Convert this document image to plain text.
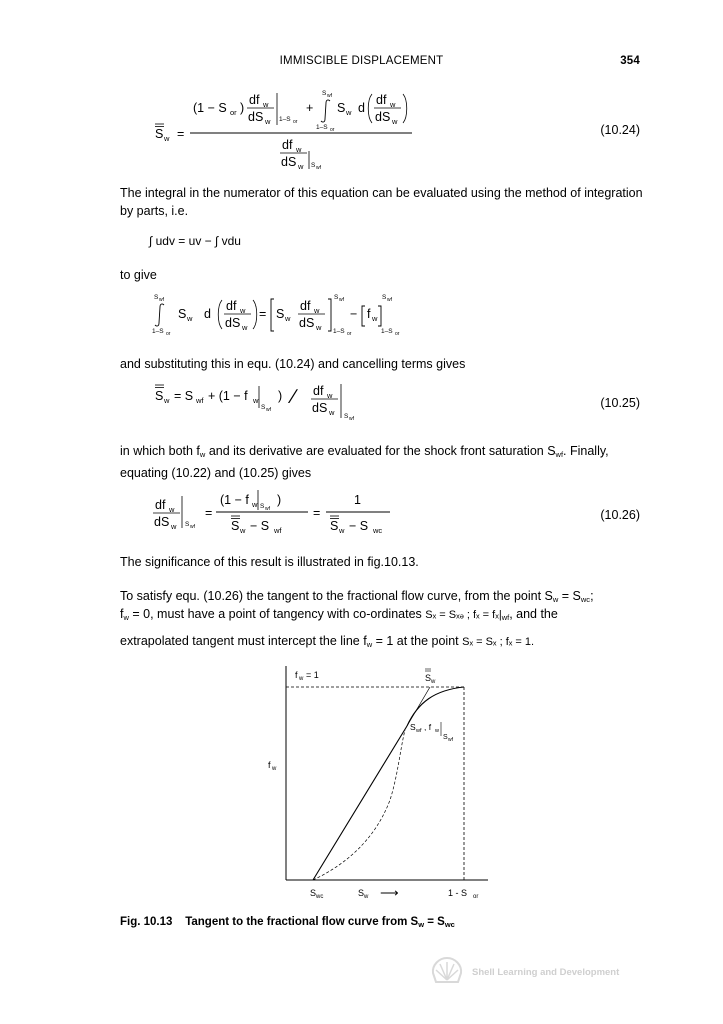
IMMISCIBLE DISPLACEMENT	354
S w =
(1 − S or )
df w
dS w 1–S or
+
S wf
1–S or
S w d
df w
dS w
df w
dS w S wf
(10.24)
The integral in the numerator of this equation can be evaluated using the method of integration by parts, i.e.
∫ udv = uv − ∫ vdu
to give
S wf
1–S or
S w d
df w
dS w
= S w
df w
dS w
S wf
1–S or
− f w
S wf
1–S or
and substituting this in equ. (10.24) and cancelling terms gives
S w = S wf + (1 − f w
S wf
) ∕ df w
dS w S wf
(10.25)
in which both $f_w$ and its derivative are evaluated for the shock front saturation $S_{wf}$. Finally, equating (10.22) and (10.25) gives
df w
dS w S wf
=
(1 − f w S wf
)
S w − S wf
=
1
S w − S wc
(10.26)
The significance of this result is illustrated in fig.10.13.
To satisfy equ. (10.26) the tangent to the fractional flow curve, from the point $S_w = S_{wc}$;
$f_w = 0$, must have a point of tangency with co-ordinates Sₓ = Sₓₔ ; $f_x = f_x|_{wf}$, and the
extrapolated tangent must intercept the line $f_w = 1$ at the point Sₓ = Sₓ ; fₓ = 1.
f w = 1	S w
S wf , f w
S wf
f w
S wc	S w ⟶	1 - S or
Fig. 10.13 Tangent to the fractional flow curve from $S_w = S_{wc}$
Shell Learning and Development
